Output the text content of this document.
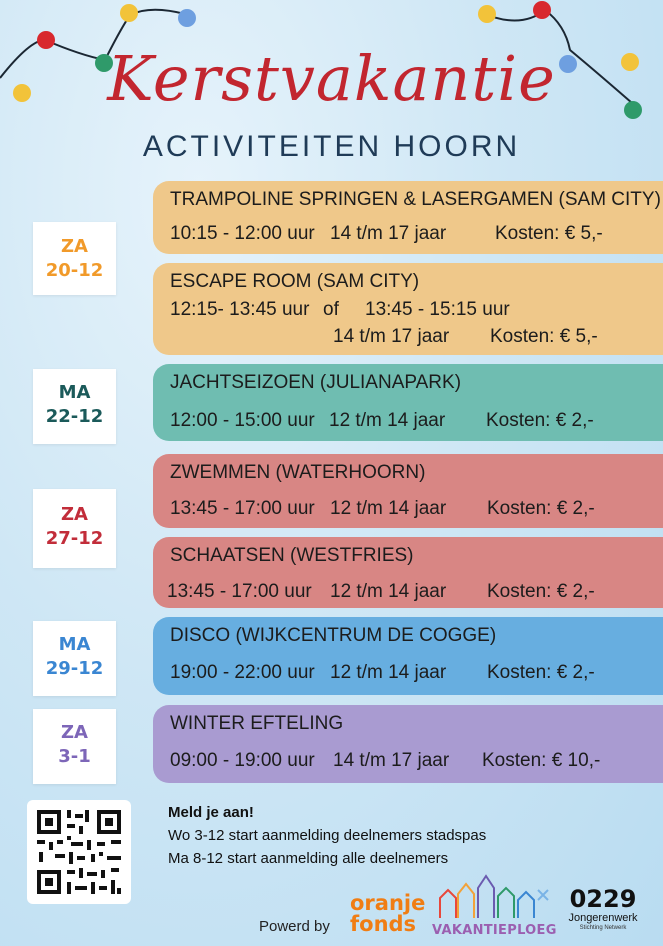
Kerstvakantie
ACTIVITEITEN HOORN
ZA
20-12
MA
22-12
ZA
27-12
MA
29-12
ZA
3-1
TRAMPOLINE SPRINGEN & LASERGAMEN (SAM CITY)
10:15 - 12:00 uur 14 t/m 17 jaar	Kosten: € 5,-
ESCAPE ROOM (SAM CITY)
12:15- 13:45 uur of 13:45 - 15:15 uur
14 t/m 17 jaar Kosten: € 5,-
JACHTSEIZOEN (JULIANAPARK)
12:00 - 15:00 uur 12 t/m 14 jaar Kosten: € 2,-
ZWEMMEN (WATERHOORN)
13:45 - 17:00 uur 12 t/m 14 jaar Kosten: € 2,-
SCHAATSEN (WESTFRIES)
13:45 - 17:00 uur 12 t/m 14 jaar Kosten: € 2,-
DISCO (WIJKCENTRUM DE COGGE)
19:00 - 22:00 uur 12 t/m 14 jaar Kosten: € 2,-
WINTER EFTELING
09:00 - 19:00 uur 14 t/m 17 jaar Kosten: € 10,-
Meld je aan!
Wo 3-12 start aanmelding deelnemers stadspas
Ma 8-12 start aanmelding alle deelnemers
Powerd by
oranje
fonds	VAKANTIEPLOEG
0229
Jongerenwerk
Stichting Netwerk
